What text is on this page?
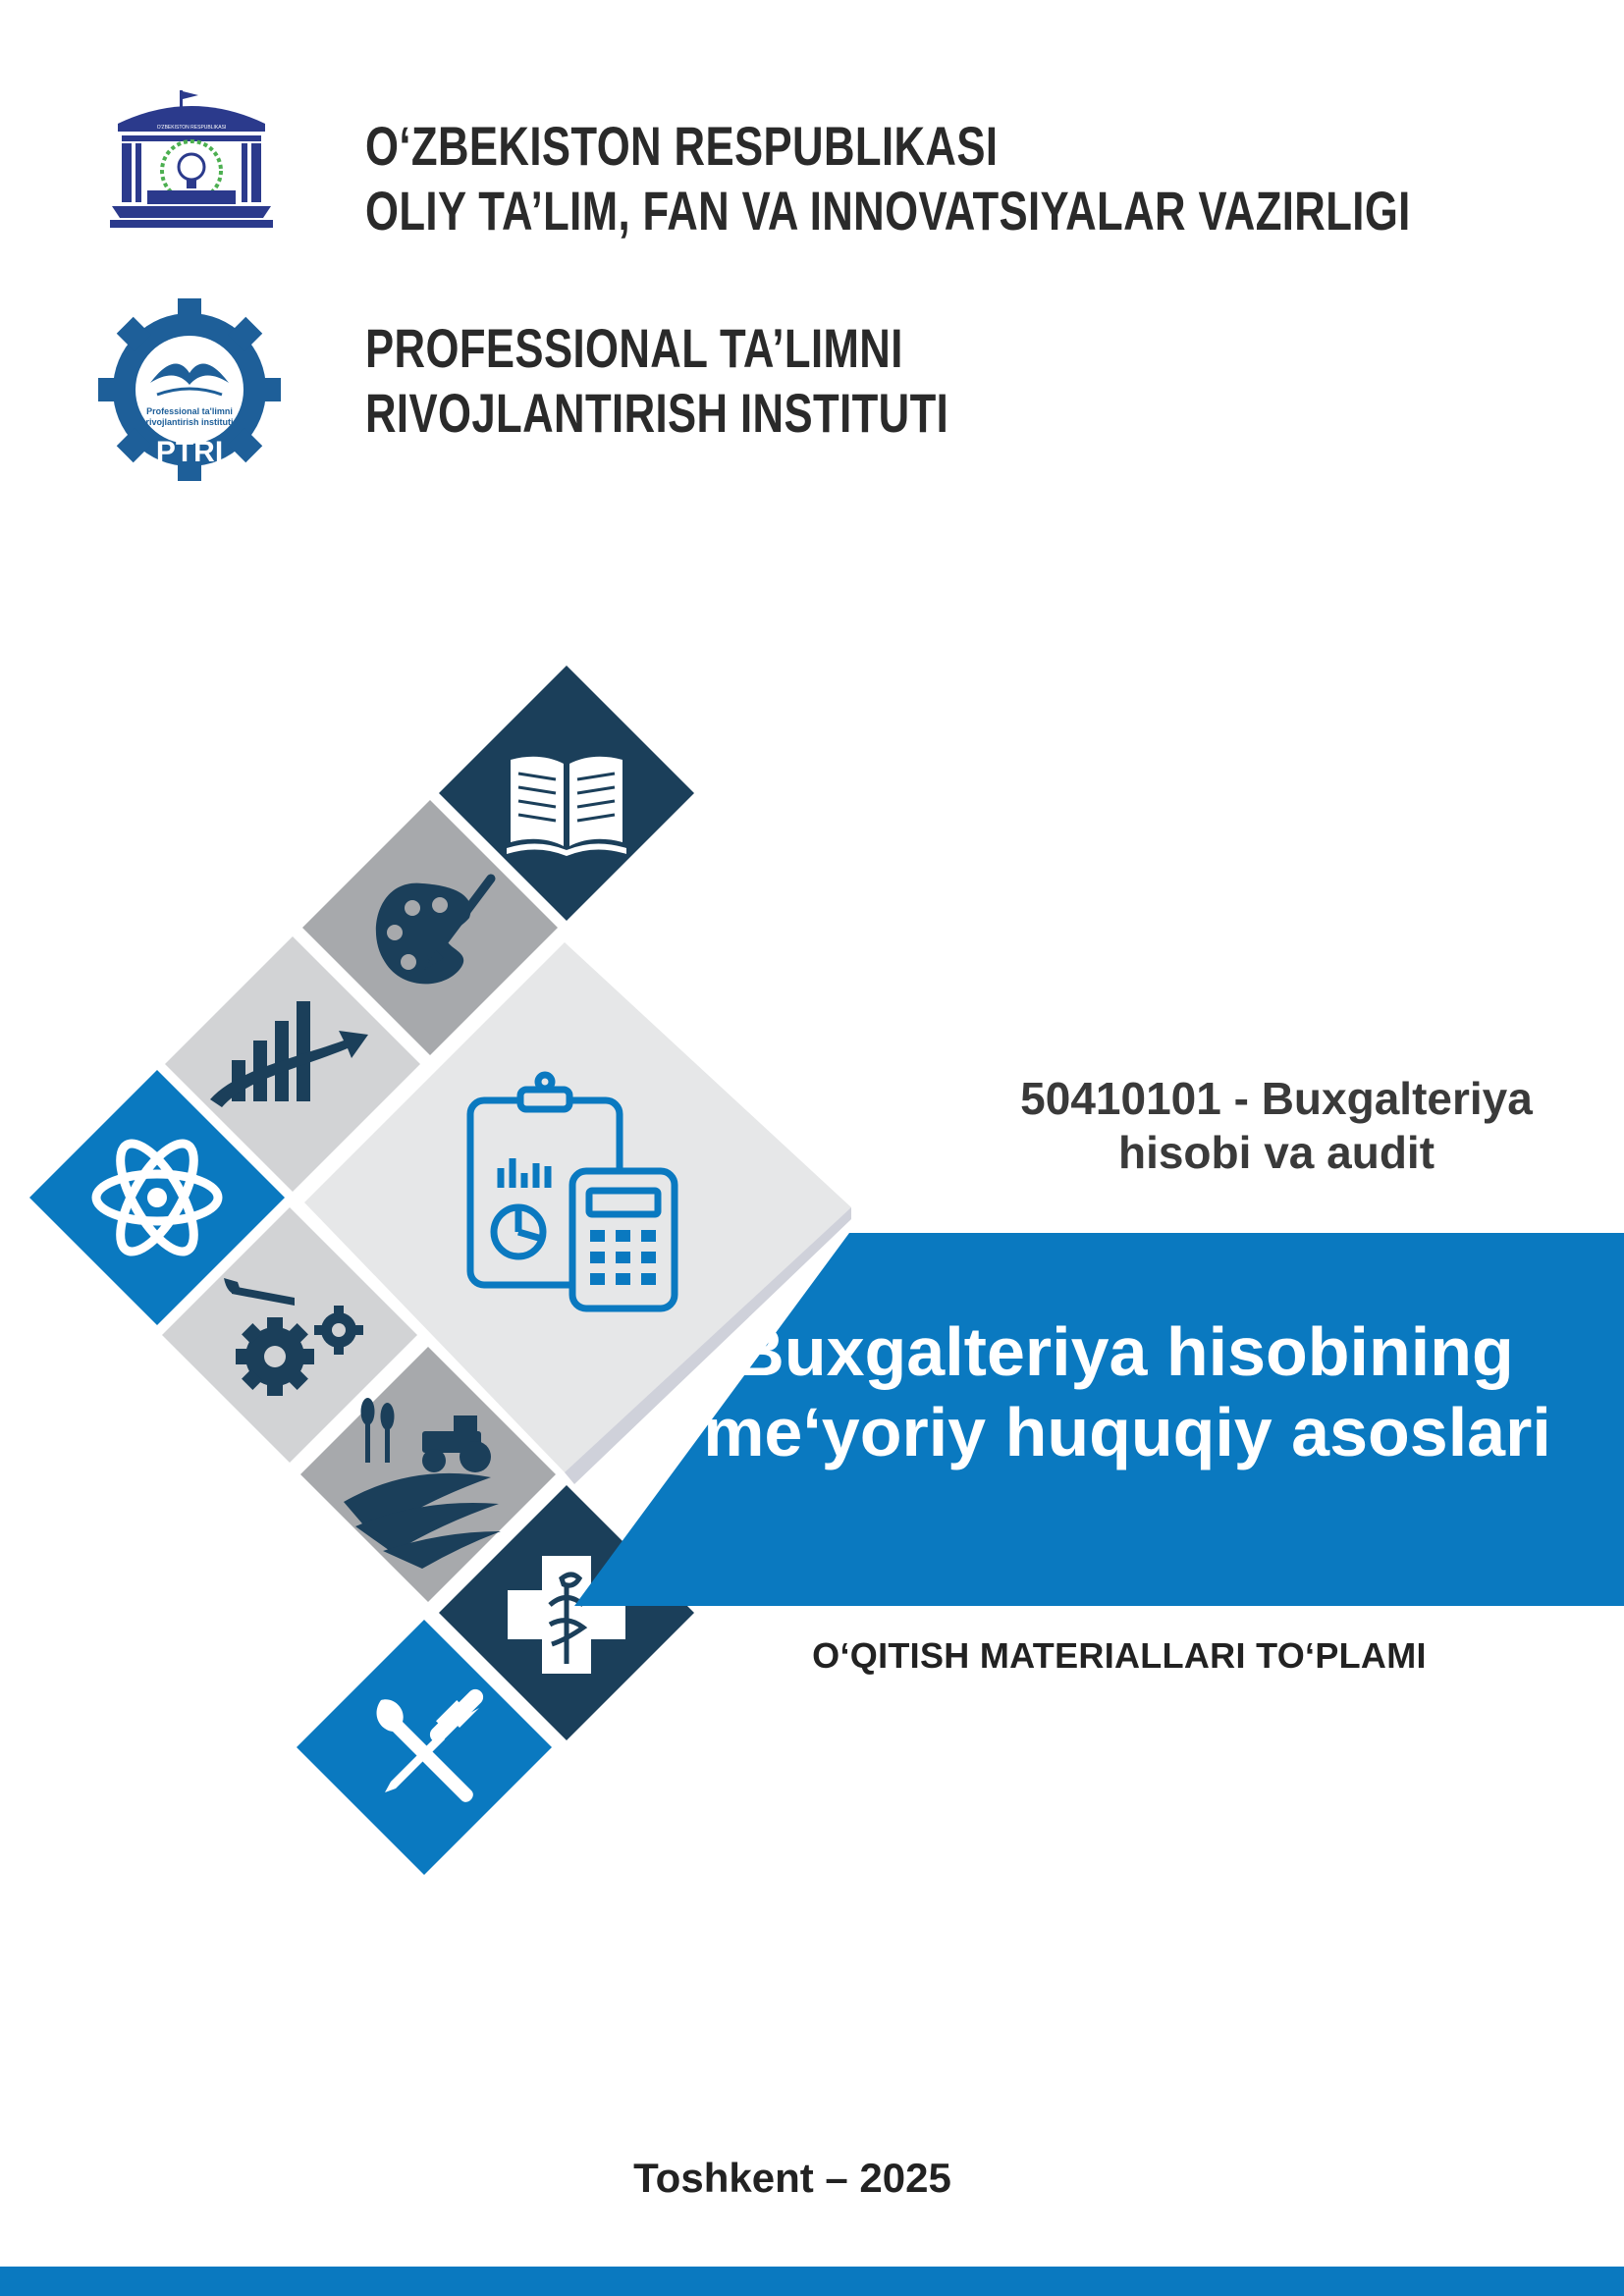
O'ZBEKISTON RESPUBLIKASI
Professional ta'limni
rivojlantirish instituti
PTRI
O‘ZBEKISTON RESPUBLIKASI
OLIY TA’LIM, FAN VA INNOVATSIYALAR VAZIRLIGI
PROFESSIONAL TA’LIMNI
RIVOJLANTIRISH INSTITUTI
50410101 - Buxgalteriya
hisobi va audit
Buxgalteriya hisobining
me‘yoriy huquqiy asoslari
O‘QITISH MATERIALLARI TO‘PLAMI
Toshkent – 2025
